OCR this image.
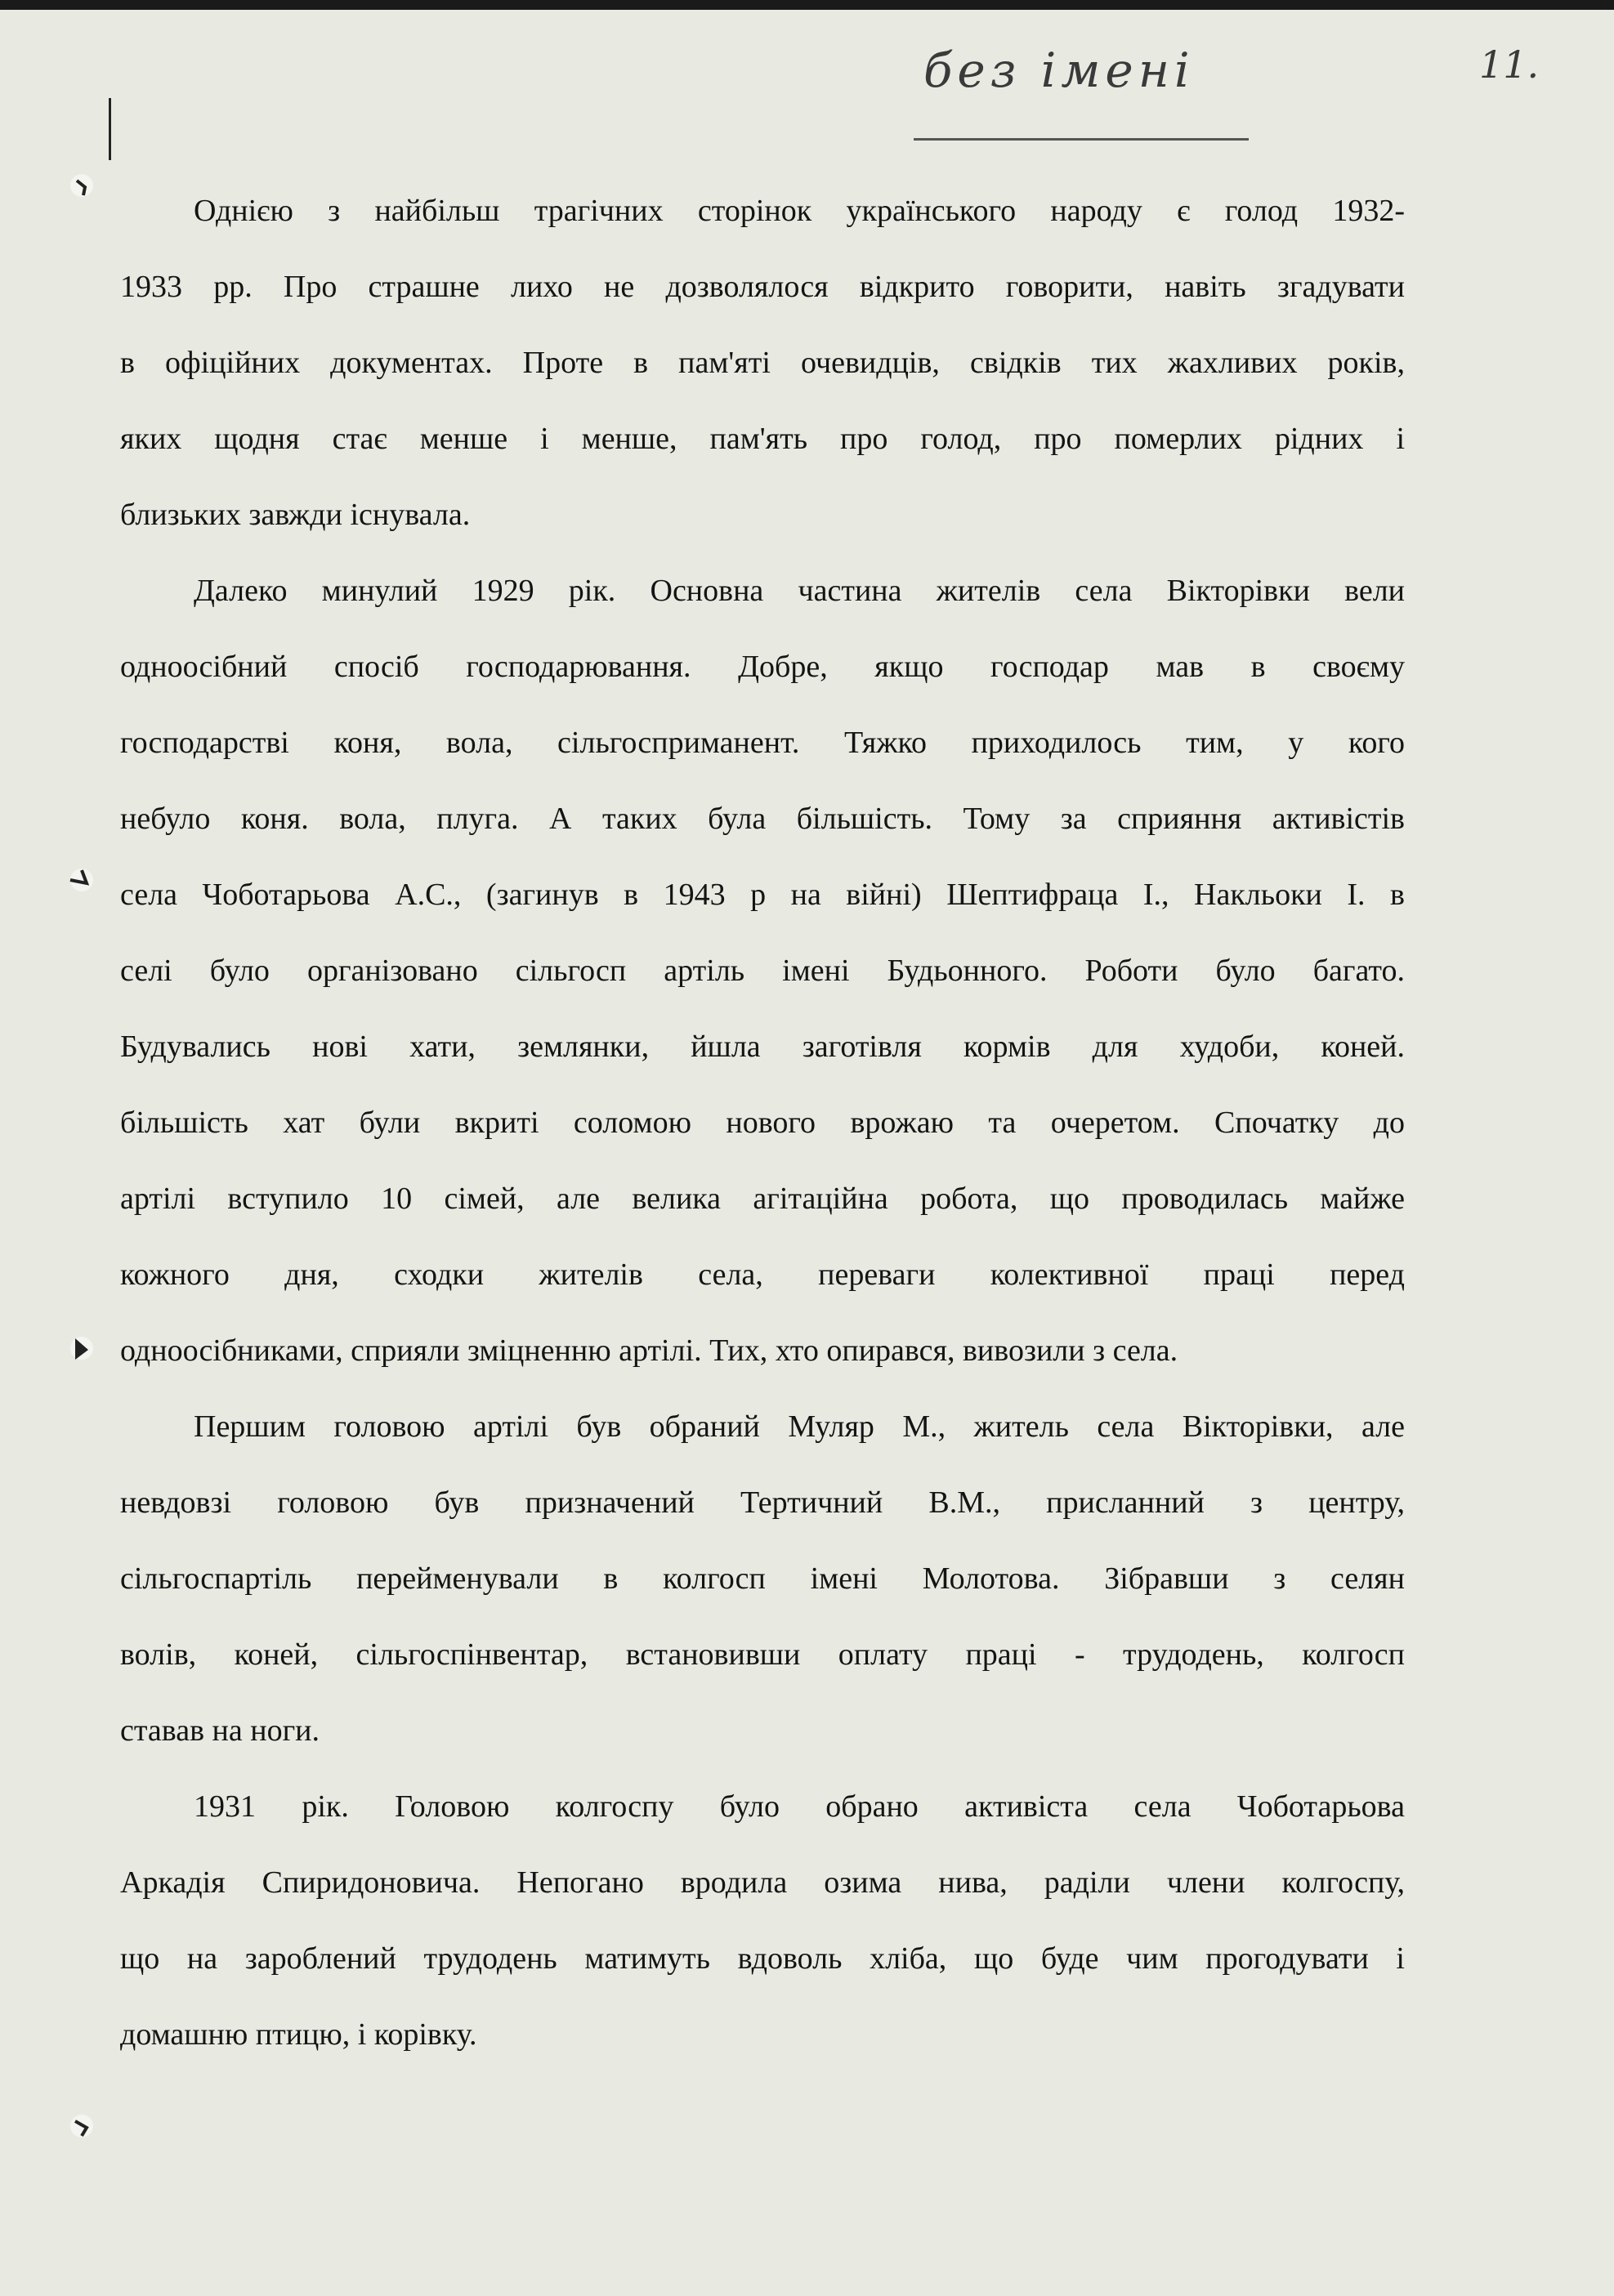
без імені	11.
Однією з найбільш трагічних сторінок українського народу є голод 1932-
1933 рр. Про страшне лихо не дозволялося відкрито говорити, навіть згадувати
в офіційних документах. Проте в пам'яті очевидців, свідків тих жахливих років,
яких щодня стає менше і менше, пам'ять про голод, про померлих рідних і
близьких завжди існувала.
Далеко минулий 1929 рік. Основна частина жителів села Вікторівки вели
одноосібний спосіб господарювання. Добре, якщо господар мав в своєму
господарстві коня, вола, сільгосприманент. Тяжко приходилось тим, у кого
небуло коня. вола, плуга. А таких була більшість. Тому за сприяння активістів
села Чоботарьова А.С., (загинув в 1943 р на війні) Шептифраца І., Накльоки І. в
селі було організовано сільгосп артіль імені Будьонного. Роботи було багато.
Будувались нові хати, землянки, йшла заготівля кормів для худоби, коней.
більшість хат були вкриті соломою нового врожаю та очеретом. Спочатку до
артілі вступило 10 сімей, але велика агітаційна робота, що проводилась майже
кожного дня, сходки жителів села, переваги колективної праці перед
одноосібниками, сприяли зміцненню артілі. Тих, хто опирався, вивозили з села.
Першим головою артілі був обраний Муляр М., житель села Вікторівки, але
невдовзі головою був призначений Тертичний В.М., присланний з центру,
сільгоспартіль перейменували в колгосп імені Молотова. Зібравши з селян
волів, коней, сільгоспінвентар, встановивши оплату праці - трудодень, колгосп
ставав на ноги.
1931 рік. Головою колгоспу було обрано активіста села Чоботарьова
Аркадія Спиридоновича. Непогано вродила озима нива, раділи члени колгоспу,
що на зароблений трудодень матимуть вдоволь хліба, що буде чим прогодувати і
домашню птицю, і корівку.
